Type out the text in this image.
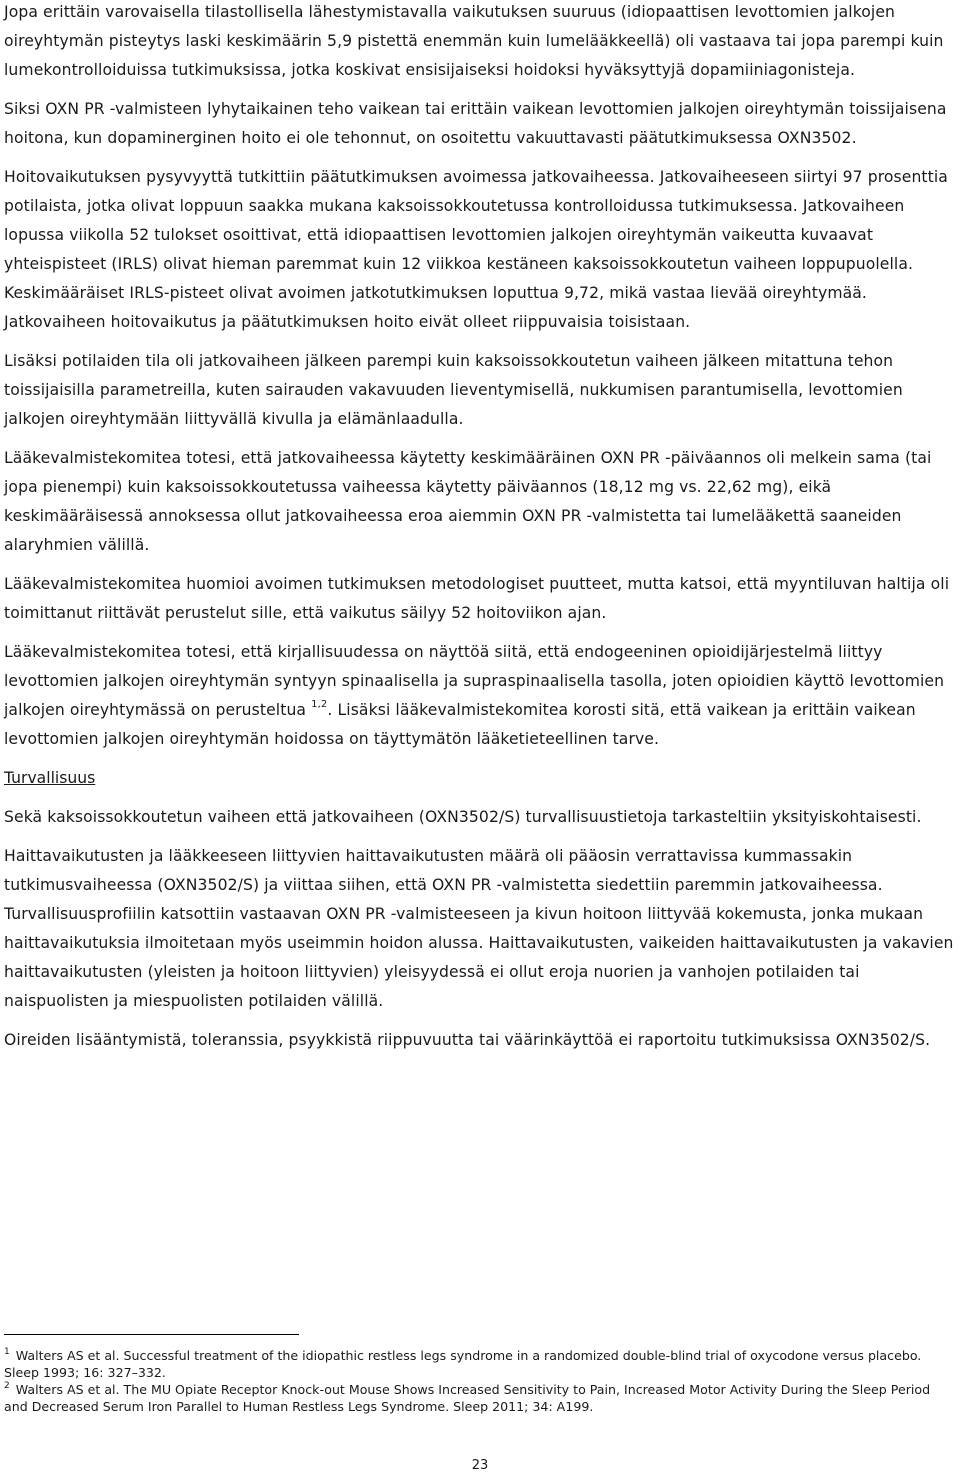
Jopa erittäin varovaisella tilastollisella lähestymistavalla vaikutuksen suuruus (idiopaattisen levottomien jalkojen oireyhtymän pisteytys laski keskimäärin 5,9 pistettä enemmän kuin lumelääkkeellä) oli vastaava tai jopa parempi kuin lumekontrolloiduissa tutkimuksissa, jotka koskivat ensisijaiseksi hoidoksi hyväksyttyjä dopamiiniagonisteja.

Siksi OXN PR -valmisteen lyhytaikainen teho vaikean tai erittäin vaikean levottomien jalkojen oireyhtymän toissijaisena hoitona, kun dopaminerginen hoito ei ole tehonnut, on osoitettu vakuuttavasti päätutkimuksessa OXN3502.

Hoitovaikutuksen pysyvyyttä tutkittiin päätutkimuksen avoimessa jatkovaiheessa. Jatkovaiheeseen siirtyi 97 prosenttia potilaista, jotka olivat loppuun saakka mukana kaksoissokkoutetussa kontrolloidussa tutkimuksessa. Jatkovaiheen lopussa viikolla 52 tulokset osoittivat, että idiopaattisen levottomien jalkojen oireyhtymän vaikeutta kuvaavat yhteispisteet (IRLS) olivat hieman paremmat kuin 12 viikkoa kestäneen kaksoissokkoutetun vaiheen loppupuolella. Keskimääräiset IRLS-pisteet olivat avoimen jatkotutkimuksen loputtua 9,72, mikä vastaa lievää oireyhtymää. Jatkovaiheen hoitovaikutus ja päätutkimuksen hoito eivät olleet riippuvaisia toisistaan.

Lisäksi potilaiden tila oli jatkovaiheen jälkeen parempi kuin kaksoissokkoutetun vaiheen jälkeen mitattuna tehon toissijaisilla parametreilla, kuten sairauden vakavuuden lieventymisellä, nukkumisen parantumisella, levottomien jalkojen oireyhtymään liittyvällä kivulla ja elämänlaadulla.

Lääkevalmistekomitea totesi, että jatkovaiheessa käytetty keskimääräinen OXN PR -päiväannos oli melkein sama (tai jopa pienempi) kuin kaksoissokkoutetussa vaiheessa käytetty päiväannos (18,12 mg vs. 22,62 mg), eikä keskimääräisessä annoksessa ollut jatkovaiheessa eroa aiemmin OXN PR -valmistetta tai lumelääkettä saaneiden alaryhmien välillä.

Lääkevalmistekomitea huomioi avoimen tutkimuksen metodologiset puutteet, mutta katsoi, että myyntiluvan haltija oli toimittanut riittävät perustelut sille, että vaikutus säilyy 52 hoitoviikon ajan.

Lääkevalmistekomitea totesi, että kirjallisuudessa on näyttöä siitä, että endogeeninen opioidijärjestelmä liittyy levottomien jalkojen oireyhtymän syntyyn spinaalisella ja supraspinaalisella tasolla, joten opioidien käyttö levottomien jalkojen oireyhtymässä on perusteltua $^{1,2}$. Lisäksi lääkevalmistekomitea korosti sitä, että vaikean ja erittäin vaikean levottomien jalkojen oireyhtymän hoidossa on täyttymätön lääketieteellinen tarve.

Turvallisuus

Sekä kaksoissokkoutetun vaiheen että jatkovaiheen (OXN3502/S) turvallisuustietoja tarkasteltiin yksityiskohtaisesti.

Haittavaikutusten ja lääkkeeseen liittyvien haittavaikutusten määrä oli pääosin verrattavissa kummassakin tutkimusvaiheessa (OXN3502/S) ja viittaa siihen, että OXN PR -valmistetta siedettiin paremmin jatkovaiheessa. Turvallisuusprofiilin katsottiin vastaavan OXN PR -valmisteeseen ja kivun hoitoon liittyvää kokemusta, jonka mukaan haittavaikutuksia ilmoitetaan myös useimmin hoidon alussa. Haittavaikutusten, vaikeiden haittavaikutusten ja vakavien haittavaikutusten (yleisten ja hoitoon liittyvien) yleisyydessä ei ollut eroja nuorien ja vanhojen potilaiden tai naispuolisten ja miespuolisten potilaiden välillä.

Oireiden lisääntymistä, toleranssia, psyykkistä riippuvuutta tai väärinkäyttöä ei raportoitu tutkimuksissa OXN3502/S.

$^1$ Walters AS et al. Successful treatment of the idiopathic restless legs syndrome in a randomized double-blind trial of oxycodone versus placebo. Sleep 1993; 16: 327–332.

$^2$ Walters AS et al. The MU Opiate Receptor Knock-out Mouse Shows Increased Sensitivity to Pain, Increased Motor Activity During the Sleep Period and Decreased Serum Iron Parallel to Human Restless Legs Syndrome. Sleep 2011; 34: A199.

23
